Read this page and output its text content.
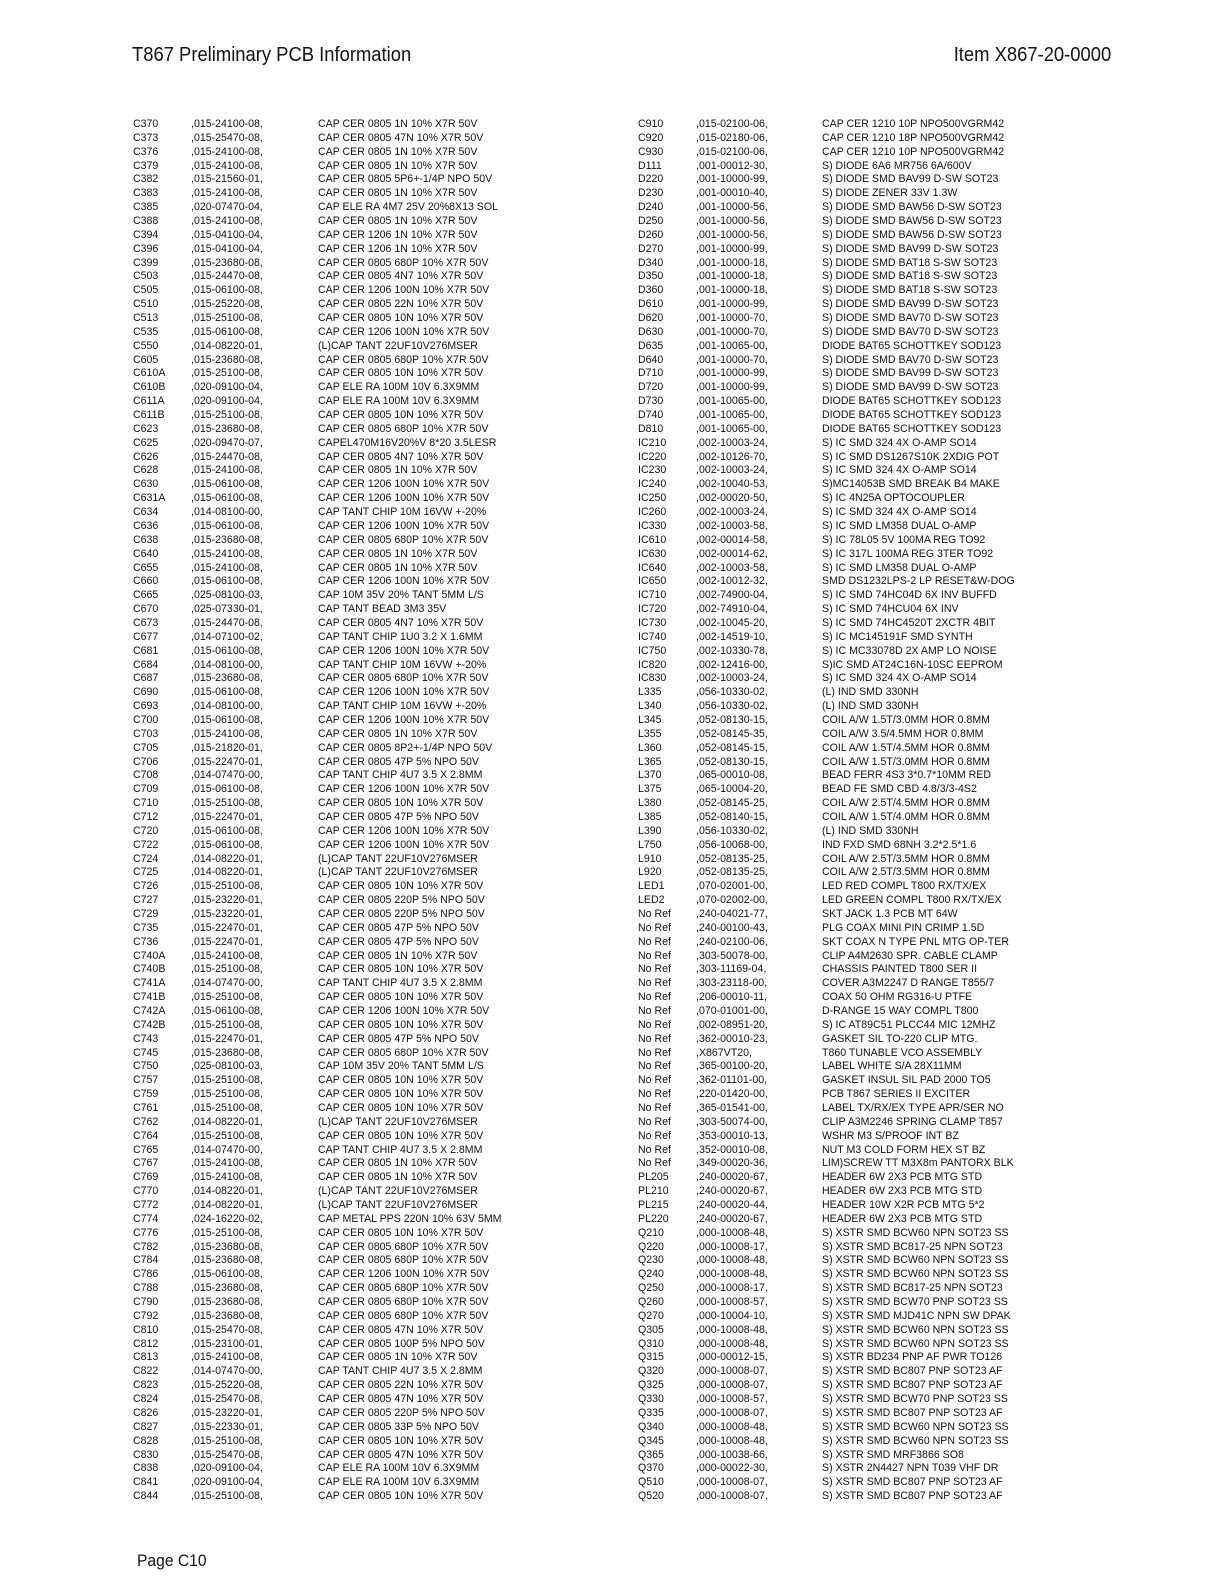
T867 Preliminary PCB Information	Item X867-20-0000
C370	,015-24100-08,	CAP CER 0805 1N 10% X7R 50V
C373	,015-25470-08,	CAP CER 0805 47N 10% X7R 50V
C376	,015-24100-08,	CAP CER 0805 1N 10% X7R 50V
C379	,015-24100-08,	CAP CER 0805 1N 10% X7R 50V
C382	,015-21560-01,	CAP CER 0805 5P6+-1/4P NPO 50V
C383	,015-24100-08,	CAP CER 0805 1N 10% X7R 50V
C385	,020-07470-04,	CAP ELE RA 4M7 25V 20%8X13 SOL
C388	,015-24100-08,	CAP CER 0805 1N 10% X7R 50V
C394	,015-04100-04,	CAP CER 1206 1N 10% X7R 50V
C396	,015-04100-04,	CAP CER 1206 1N 10% X7R 50V
C399	,015-23680-08,	CAP CER 0805 680P 10% X7R 50V
C503	,015-24470-08,	CAP CER 0805 4N7 10% X7R 50V
C505	,015-06100-08,	CAP CER 1206 100N 10% X7R 50V
C510	,015-25220-08,	CAP CER 0805 22N 10% X7R 50V
C513	,015-25100-08,	CAP CER 0805 10N 10% X7R 50V
C535	,015-06100-08,	CAP CER 1206 100N 10% X7R 50V
C550	,014-08220-01,	(L)CAP TANT 22UF10V276MSER
C605	,015-23680-08,	CAP CER 0805 680P 10% X7R 50V
C610A ,015-25100-08,	CAP CER 0805 10N 10% X7R 50V
C610B ,020-09100-04,	CAP ELE RA 100M 10V 6.3X9MM
C611A ,020-09100-04,	CAP ELE RA 100M 10V 6.3X9MM
C611B ,015-25100-08,	CAP CER 0805 10N 10% X7R 50V
C623	,015-23680-08,	CAP CER 0805 680P 10% X7R 50V
C625	,020-09470-07,	CAPEL470M16V20%V 8*20 3.5LESR
C626	,015-24470-08,	CAP CER 0805 4N7 10% X7R 50V
C628	,015-24100-08,	CAP CER 0805 1N 10% X7R 50V
C630	,015-06100-08,	CAP CER 1206 100N 10% X7R 50V
C631A ,015-06100-08,	CAP CER 1206 100N 10% X7R 50V
C634	,014-08100-00,	CAP TANT CHIP 10M 16VW +-20%
C636	,015-06100-08,	CAP CER 1206 100N 10% X7R 50V
C638	,015-23680-08,	CAP CER 0805 680P 10% X7R 50V
C640	,015-24100-08,	CAP CER 0805 1N 10% X7R 50V
C655	,015-24100-08,	CAP CER 0805 1N 10% X7R 50V
C660	,015-06100-08,	CAP CER 1206 100N 10% X7R 50V
C665	,025-08100-03,	CAP 10M 35V 20% TANT 5MM L/S
C670	,025-07330-01,	CAP TANT BEAD 3M3 35V
C673	,015-24470-08,	CAP CER 0805 4N7 10% X7R 50V
C677	,014-07100-02,	CAP TANT CHIP 1U0 3.2 X 1.6MM
C681	,015-06100-08,	CAP CER 1206 100N 10% X7R 50V
C684	,014-08100-00,	CAP TANT CHIP 10M 16VW +-20%
C687	,015-23680-08,	CAP CER 0805 680P 10% X7R 50V
C690	,015-06100-08,	CAP CER 1206 100N 10% X7R 50V
C693	,014-08100-00,	CAP TANT CHIP 10M 16VW +-20%
C700	,015-06100-08,	CAP CER 1206 100N 10% X7R 50V
C703	,015-24100-08,	CAP CER 0805 1N 10% X7R 50V
C705	,015-21820-01,	CAP CER 0805 8P2+-1/4P NPO 50V
C706	,015-22470-01,	CAP CER 0805 47P 5% NPO 50V
C708	,014-07470-00,	CAP TANT CHIP 4U7 3.5 X 2.8MM
C709	,015-06100-08,	CAP CER 1206 100N 10% X7R 50V
C710	,015-25100-08,	CAP CER 0805 10N 10% X7R 50V
C712	,015-22470-01,	CAP CER 0805 47P 5% NPO 50V
C720	,015-06100-08,	CAP CER 1206 100N 10% X7R 50V
C722	,015-06100-08,	CAP CER 1206 100N 10% X7R 50V
C724	,014-08220-01,	(L)CAP TANT 22UF10V276MSER
C725	,014-08220-01,	(L)CAP TANT 22UF10V276MSER
C726	,015-25100-08,	CAP CER 0805 10N 10% X7R 50V
C727	,015-23220-01,	CAP CER 0805 220P 5% NPO 50V
C729	,015-23220-01,	CAP CER 0805 220P 5% NPO 50V
C735	,015-22470-01,	CAP CER 0805 47P 5% NPO 50V
C736	,015-22470-01,	CAP CER 0805 47P 5% NPO 50V
C740A ,015-24100-08,	CAP CER 0805 1N 10% X7R 50V
C740B ,015-25100-08,	CAP CER 0805 10N 10% X7R 50V
C741A ,014-07470-00,	CAP TANT CHIP 4U7 3.5 X 2.8MM
C741B ,015-25100-08,	CAP CER 0805 10N 10% X7R 50V
C742A ,015-06100-08,	CAP CER 1206 100N 10% X7R 50V
C742B ,015-25100-08,	CAP CER 0805 10N 10% X7R 50V
C743	,015-22470-01,	CAP CER 0805 47P 5% NPO 50V
C745	,015-23680-08,	CAP CER 0805 680P 10% X7R 50V
C750	,025-08100-03,	CAP 10M 35V 20% TANT 5MM L/S
C757	,015-25100-08,	CAP CER 0805 10N 10% X7R 50V
C759	,015-25100-08,	CAP CER 0805 10N 10% X7R 50V
C761	,015-25100-08,	CAP CER 0805 10N 10% X7R 50V
C762	,014-08220-01,	(L)CAP TANT 22UF10V276MSER
C764	,015-25100-08,	CAP CER 0805 10N 10% X7R 50V
C765	,014-07470-00,	CAP TANT CHIP 4U7 3.5 X 2.8MM
C767	,015-24100-08,	CAP CER 0805 1N 10% X7R 50V
C769	,015-24100-08,	CAP CER 0805 1N 10% X7R 50V
C770	,014-08220-01,	(L)CAP TANT 22UF10V276MSER
C772	,014-08220-01,	(L)CAP TANT 22UF10V276MSER
C774	,024-16220-02,	CAP METAL PPS 220N 10% 63V 5MM
C776	,015-25100-08,	CAP CER 0805 10N 10% X7R 50V
C782	,015-23680-08,	CAP CER 0805 680P 10% X7R 50V
C784	,015-23680-08,	CAP CER 0805 680P 10% X7R 50V
C786	,015-06100-08,	CAP CER 1206 100N 10% X7R 50V
C788	,015-23680-08,	CAP CER 0805 680P 10% X7R 50V
C790	,015-23680-08,	CAP CER 0805 680P 10% X7R 50V
C792	,015-23680-08,	CAP CER 0805 680P 10% X7R 50V
C810	,015-25470-08,	CAP CER 0805 47N 10% X7R 50V
C812	,015-23100-01,	CAP CER 0805 100P 5% NPO 50V
C813	,015-24100-08,	CAP CER 0805 1N 10% X7R 50V
C822	,014-07470-00,	CAP TANT CHIP 4U7 3.5 X 2.8MM
C823	,015-25220-08,	CAP CER 0805 22N 10% X7R 50V
C824	,015-25470-08,	CAP CER 0805 47N 10% X7R 50V
C826	,015-23220-01,	CAP CER 0805 220P 5% NPO 50V
C827	,015-22330-01,	CAP CER 0805 33P 5% NPO 50V
C828	,015-25100-08,	CAP CER 0805 10N 10% X7R 50V
C830	,015-25470-08,	CAP CER 0805 47N 10% X7R 50V
C838	,020-09100-04,	CAP ELE RA 100M 10V 6.3X9MM
C841	,020-09100-04,	CAP ELE RA 100M 10V 6.3X9MM
C844	,015-25100-08,	CAP CER 0805 10N 10% X7R 50V
C910	,015-02100-06,	CAP CER 1210 10P NPO500VGRM42
C920	,015-02180-06,	CAP CER 1210 18P NPO500VGRM42
C930	,015-02100-06,	CAP CER 1210 10P NPO500VGRM42
D111	,001-00012-30,	S) DIODE 6A6 MR756 6A/600V
D220	,001-10000-99,	S) DIODE SMD BAV99 D-SW SOT23
D230	,001-00010-40,	S) DIODE ZENER 33V 1.3W
D240	,001-10000-56,	S) DIODE SMD BAW56 D-SW SOT23
D250	,001-10000-56,	S) DIODE SMD BAW56 D-SW SOT23
D260	,001-10000-56,	S) DIODE SMD BAW56 D-SW SOT23
D270	,001-10000-99,	S) DIODE SMD BAV99 D-SW SOT23
D340	,001-10000-18,	S) DIODE SMD BAT18 S-SW SOT23
D350	,001-10000-18,	S) DIODE SMD BAT18 S-SW SOT23
D360	,001-10000-18,	S) DIODE SMD BAT18 S-SW SOT23
D610	,001-10000-99,	S) DIODE SMD BAV99 D-SW SOT23
D620	,001-10000-70,	S) DIODE SMD BAV70 D-SW SOT23
D630	,001-10000-70,	S) DIODE SMD BAV70 D-SW SOT23
D635	,001-10065-00,	DIODE BAT65 SCHOTTKEY SOD123
D640	,001-10000-70,	S) DIODE SMD BAV70 D-SW SOT23
D710	,001-10000-99,	S) DIODE SMD BAV99 D-SW SOT23
D720	,001-10000-99,	S) DIODE SMD BAV99 D-SW SOT23
D730	,001-10065-00,	DIODE BAT65 SCHOTTKEY SOD123
D740	,001-10065-00,	DIODE BAT65 SCHOTTKEY SOD123
D810	,001-10065-00,	DIODE BAT65 SCHOTTKEY SOD123
IC210	,002-10003-24,	S) IC SMD 324 4X O-AMP SO14
IC220	,002-10126-70,	S) IC SMD DS1267S10K 2XDIG POT
IC230	,002-10003-24,	S) IC SMD 324 4X O-AMP SO14
IC240	,002-10040-53,	S)MC14053B SMD BREAK B4 MAKE
IC250	,002-00020-50,	S) IC 4N25A OPTOCOUPLER
IC260	,002-10003-24,	S) IC SMD 324 4X O-AMP SO14
IC330	,002-10003-58,	S) IC SMD LM358 DUAL O-AMP
IC610	,002-00014-58,	S) IC 78L05 5V 100MA REG TO92
IC630	,002-00014-62,	S) IC 317L 100MA REG 3TER TO92
IC640	,002-10003-58,	S) IC SMD LM358 DUAL O-AMP
IC650	,002-10012-32,	SMD DS1232LPS-2 LP RESET&W-DOG
IC710	,002-74900-04,	S) IC SMD 74HC04D 6X INV BUFFD
IC720	,002-74910-04,	S) IC SMD 74HCU04 6X INV
IC730	,002-10045-20,	S) IC SMD 74HC4520T 2XCTR 4BIT
IC740	,002-14519-10,	S) IC MC145191F SMD SYNTH
IC750	,002-10330-78,	S) IC MC33078D 2X AMP LO NOISE
IC820	,002-12416-00,	S)IC SMD AT24C16N-10SC EEPROM
IC830	,002-10003-24,	S) IC SMD 324 4X O-AMP SO14
L335	,056-10330-02,	(L) IND SMD 330NH
L340	,056-10330-02,	(L) IND SMD 330NH
L345	,052-08130-15,	COIL A/W 1.5T/3.0MM HOR 0.8MM
L355	,052-08145-35,	COIL A/W 3.5/4.5MM HOR 0.8MM
L360	,052-08145-15,	COIL A/W 1.5T/4.5MM HOR 0.8MM
L365	,052-08130-15,	COIL A/W 1.5T/3.0MM HOR 0.8MM
L370	,065-00010-08,	BEAD FERR 4S3 3*0.7*10MM RED
L375	,065-10004-20,	BEAD FE SMD CBD 4.8/3/3-4S2
L380	,052-08145-25,	COIL A/W 2.5T/4.5MM HOR 0.8MM
L385	,052-08140-15,	COIL A/W 1.5T/4.0MM HOR 0.8MM
L390	,056-10330-02,	(L) IND SMD 330NH
L750	,056-10068-00,	IND FXD SMD 68NH 3.2*2.5*1.6
L910	,052-08135-25,	COIL A/W 2.5T/3.5MM HOR 0.8MM
L920	,052-08135-25,	COIL A/W 2.5T/3.5MM HOR 0.8MM
LED1	,070-02001-00,	LED RED COMPL T800 RX/TX/EX
LED2	,070-02002-00,	LED GREEN COMPL T800 RX/TX/EX
No Ref ,240-04021-77,	SKT JACK 1.3 PCB MT 64W
No Ref ,240-00100-43,	PLG COAX MINI PIN CRIMP 1.5D
No Ref ,240-02100-06,	SKT COAX N TYPE PNL MTG OP-TER
No Ref ,303-50078-00,	CLIP A4M2630 SPR. CABLE CLAMP
No Ref ,303-11169-04,	CHASSIS PAINTED T800 SER II
No Ref ,303-23118-00,	COVER A3M2247 D RANGE T855/7
No Ref ,206-00010-11,	COAX 50 OHM RG316-U PTFE
No Ref ,070-01001-00,	D-RANGE 15 WAY COMPL T800
No Ref ,002-08951-20,	S) IC AT89C51 PLCC44 MIC 12MHZ
No Ref ,362-00010-23,	GASKET SIL TO-220 CLIP MTG.
No Ref ,X867VT20,	T860 TUNABLE VCO ASSEMBLY
No Ref ,365-00100-20,	LABEL WHITE S/A 28X11MM
No Ref ,362-01101-00,	GASKET INSUL SIL PAD 2000 TO5
No Ref ,220-01420-00,	PCB T867 SERIES II EXCITER
No Ref ,365-01541-00,	LABEL TX/RX/EX TYPE APR/SER NO
No Ref ,303-50074-00,	CLIP A3M2246 SPRING CLAMP T857
No Ref ,353-00010-13,	WSHR M3 S/PROOF INT BZ
No Ref ,352-00010-08,	NUT M3 COLD FORM HEX ST BZ
No Ref ,349-00020-36,	LIM)SCREW TT M3X8m PANTORX BLK
PL205	,240-00020-67,	HEADER 6W 2X3 PCB MTG STD
PL210	,240-00020-67,	HEADER 6W 2X3 PCB MTG STD
PL215	,240-00020-44,	HEADER 10W X2R PCB MTG 5*2
PL220	,240-00020-67,	HEADER 6W 2X3 PCB MTG STD
Q210	,000-10008-48,	S) XSTR SMD BCW60 NPN SOT23 SS
Q220	,000-10008-17,	S) XSTR SMD BC817-25 NPN SOT23
Q230	,000-10008-48,	S) XSTR SMD BCW60 NPN SOT23 SS
Q240	,000-10008-48,	S) XSTR SMD BCW60 NPN SOT23 SS
Q250	,000-10008-17,	S) XSTR SMD BC817-25 NPN SOT23
Q260	,000-10008-57,	S) XSTR SMD BCW70 PNP SOT23 SS
Q270	,000-10004-10,	S) XSTR SMD MJD41C NPN SW DPAK
Q305	,000-10008-48,	S) XSTR SMD BCW60 NPN SOT23 SS
Q310	,000-10008-48,	S) XSTR SMD BCW60 NPN SOT23 SS
Q315	,000-00012-15,	S) XSTR BD234 PNP AF PWR TO126
Q320	,000-10008-07,	S) XSTR SMD BC807 PNP SOT23 AF
Q325	,000-10008-07,	S) XSTR SMD BC807 PNP SOT23 AF
Q330	,000-10008-57,	S) XSTR SMD BCW70 PNP SOT23 SS
Q335	,000-10008-07,	S) XSTR SMD BC807 PNP SOT23 AF
Q340	,000-10008-48,	S) XSTR SMD BCW60 NPN SOT23 SS
Q345	,000-10008-48,	S) XSTR SMD BCW60 NPN SOT23 SS
Q365	,000-10038-66,	S) XSTR SMD MRF3866 SO8
Q370	,000-00022-30,	S) XSTR 2N4427 NPN T039 VHF DR
Q510	,000-10008-07,	S) XSTR SMD BC807 PNP SOT23 AF
Q520	,000-10008-07,	S) XSTR SMD BC807 PNP SOT23 AF
Page C10
